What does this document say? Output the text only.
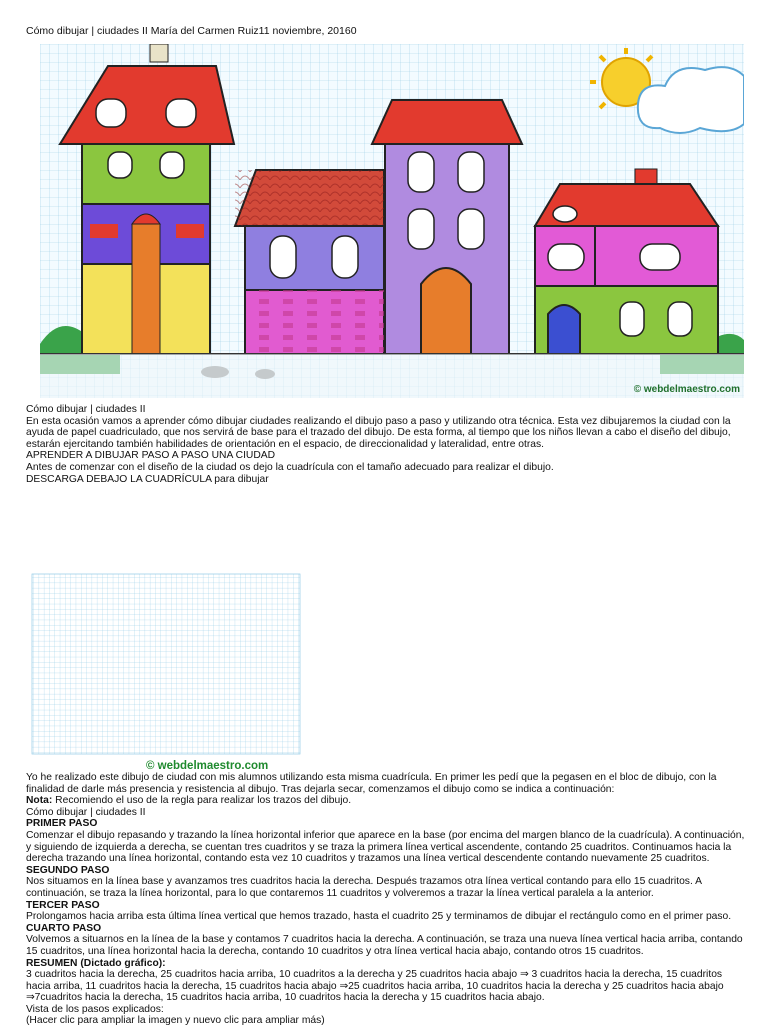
Cómo dibujar | ciudades II María del Carmen Ruiz11 noviembre, 20160
© webdelmaestro.com

Cómo dibujar | ciudades II

En esta ocasión vamos a aprender cómo dibujar ciudades realizando el dibujo paso a paso y utilizando otra técnica. Esta vez dibujaremos la ciudad con la ayuda de papel cuadriculado, que nos servirá de base para el trazado del dibujo. De esta forma, al tiempo que los niños llevan a cabo el diseño del dibujo, estarán ejercitando también habilidades de orientación en el espacio, de direccionalidad y lateralidad, entre otras.

APRENDER A DIBUJAR PASO A PASO UNA CIUDAD

Antes de comenzar con el diseño de la ciudad os dejo la cuadrícula con el tamaño adecuado para realizar el dibujo.

DESCARGA DEBAJO LA CUADRÍCULA para dibujar

© webdelmaestro.com

Yo he realizado este dibujo de ciudad con mis alumnos utilizando esta misma cuadrícula. En primer les pedí que la pegasen en el bloc de dibujo, con la finalidad de darle más presencia y resistencia al dibujo. Tras dejarla secar, comenzamos el dibujo como se indica a continuación:

Nota: Recomiendo el uso de la regla para realizar los trazos del dibujo.

Cómo dibujar | ciudades II

PRIMER PASO

Comenzar el dibujo repasando y trazando la línea horizontal inferior que aparece en la base (por encima del margen blanco de la cuadrícula). A continuación, y siguiendo de izquierda a derecha, se cuentan tres cuadritos y se traza la primera línea vertical ascendente, contando 25 cuadritos. Continuamos hacia la derecha trazando una línea horizontal, contando esta vez 10 cuadritos y trazamos una línea vertical descendente contando nuevamente 25 cuadritos.

SEGUNDO PASO

Nos situamos en la línea base y avanzamos tres cuadritos hacia la derecha. Después trazamos otra línea vertical contando para ello 15 cuadritos. A continuación, se traza la línea horizontal, para lo que contaremos 11 cuadritos y volveremos a trazar la línea vertical paralela a la anterior.

TERCER PASO

Prolongamos hacia arriba esta última línea vertical que hemos trazado, hasta el cuadrito 25 y terminamos de dibujar el rectángulo como en el primer paso.

CUARTO PASO

Volvemos a situarnos en la línea de la base y contamos 7 cuadritos hacia la derecha. A continuación, se traza una nueva línea vertical hacia arriba, contando 15 cuadritos, una línea horizontal hacia la derecha, contando 10 cuadritos y otra línea vertical hacia abajo, contando otros 15 cuadritos.

RESUMEN (Dictado gráfico):

3 cuadritos hacia la derecha, 25 cuadritos hacia arriba, 10 cuadritos a la derecha y 25 cuadritos hacia abajo ⇒ 3 cuadritos hacia la derecha, 15 cuadritos hacia arriba, 11 cuadritos hacia la derecha, 15 cuadritos hacia abajo ⇒25 cuadritos hacia arriba, 10 cuadritos hacia la derecha y 25 cuadritos hacia abajo ⇒7cuadritos hacia la derecha, 15 cuadritos hacia arriba, 10 cuadritos hacia la derecha y 15 cuadritos hacia abajo.

Vista de los pasos explicados:

(Hacer clic para ampliar la imagen y nuevo clic para ampliar más)
